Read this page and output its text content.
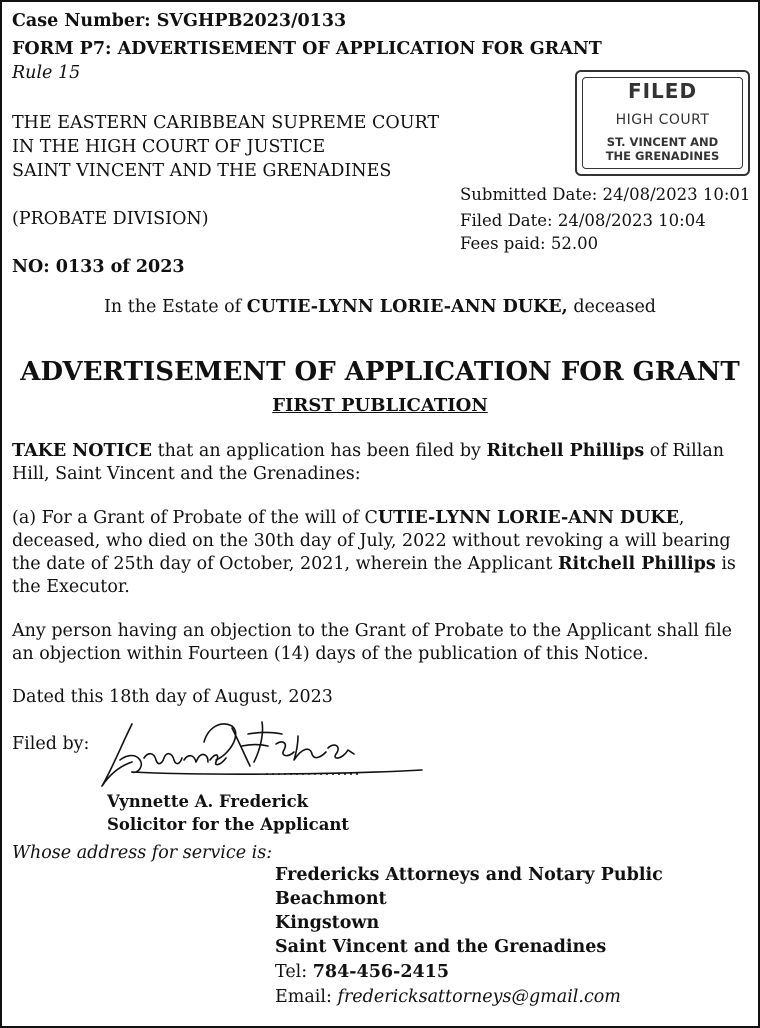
Case Number: SVGHPB2023/0133
FORM P7: ADVERTISEMENT OF APPLICATION FOR GRANT
Rule 15
THE EASTERN CARIBBEAN SUPREME COURT
IN THE HIGH COURT OF JUSTICE
SAINT VINCENT AND THE GRENADINES
(PROBATE DIVISION)
NO: 0133 of 2023
FILED
HIGH COURT
ST. VINCENT AND
THE GRENADINES
Submitted Date: 24/08/2023 10:01
Filed Date: 24/08/2023 10:04
Fees paid: 52.00
In the Estate of CUTIE-LYNN LORIE-ANN DUKE, deceased
ADVERTISEMENT OF APPLICATION FOR GRANT
FIRST PUBLICATION
TAKE NOTICE that an application has been filed by Ritchell Phillips of Rillan Hill, Saint Vincent and the Grenadines:
(a) For a Grant of Probate of the will of CUTIE-LYNN LORIE-ANN DUKE, deceased, who died on the 30th day of July, 2022 without revoking a will bearing the date of 25th day of October, 2021, wherein the Applicant Ritchell Phillips is the Executor.
Any person having an objection to the Grant of Probate to the Applicant shall file an objection within Fourteen (14) days of the publication of this Notice.
Dated this 18th day of August, 2023
Filed by:
Vynnette A. Frederick
Solicitor for the Applicant
Whose address for service is:
Fredericks Attorneys and Notary Public
Beachmont
Kingstown
Saint Vincent and the Grenadines
Tel: 784-456-2415
Email: fredericksattorneys@gmail.com
